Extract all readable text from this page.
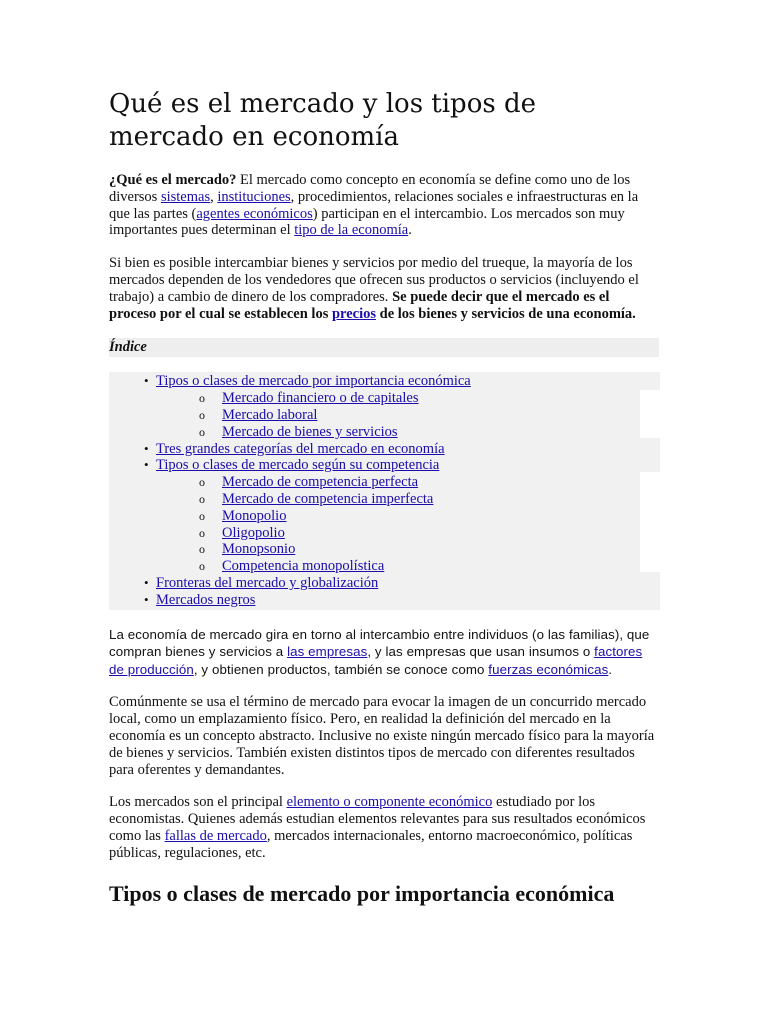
Qué es el mercado y los tipos de mercado en economía

¿Qué es el mercado? El mercado como concepto en economía se define como uno de los diversos sistemas, instituciones, procedimientos, relaciones sociales e infraestructuras en la que las partes (agentes económicos) participan en el intercambio. Los mercados son muy importantes pues determinan el tipo de la economía.

Si bien es posible intercambiar bienes y servicios por medio del trueque, la mayoría de los mercados dependen de los vendedores que ofrecen sus productos o servicios (incluyendo el trabajo) a cambio de dinero de los compradores. Se puede decir que el mercado es el proceso por el cual se establecen los precios de los bienes y servicios de una economía.

Índice
• Tipos o clases de mercado por importancia económica
o Mercado financiero o de capitales
o Mercado laboral
o Mercado de bienes y servicios
• Tres grandes categorías del mercado en economía
• Tipos o clases de mercado según su competencia
o Mercado de competencia perfecta
o Mercado de competencia imperfecta
o Monopolio
o Oligopolio
o Monopsonio
o Competencia monopolística
• Fronteras del mercado y globalización
• Mercados negros

La economía de mercado gira en torno al intercambio entre individuos (o las familias), que compran bienes y servicios a las empresas, y las empresas que usan insumos o factores de producción, y obtienen productos, también se conoce como fuerzas económicas.

Comúnmente se usa el término de mercado para evocar la imagen de un concurrido mercado local, como un emplazamiento físico. Pero, en realidad la definición del mercado en la economía es un concepto abstracto. Inclusive no existe ningún mercado físico para la mayoría de bienes y servicios. También existen distintos tipos de mercado con diferentes resultados para oferentes y demandantes.

Los mercados son el principal elemento o componente económico estudiado por los economistas. Quienes además estudian elementos relevantes para sus resultados económicos como las fallas de mercado, mercados internacionales, entorno macroeconómico, políticas públicas, regulaciones, etc.

Tipos o clases de mercado por importancia económica
